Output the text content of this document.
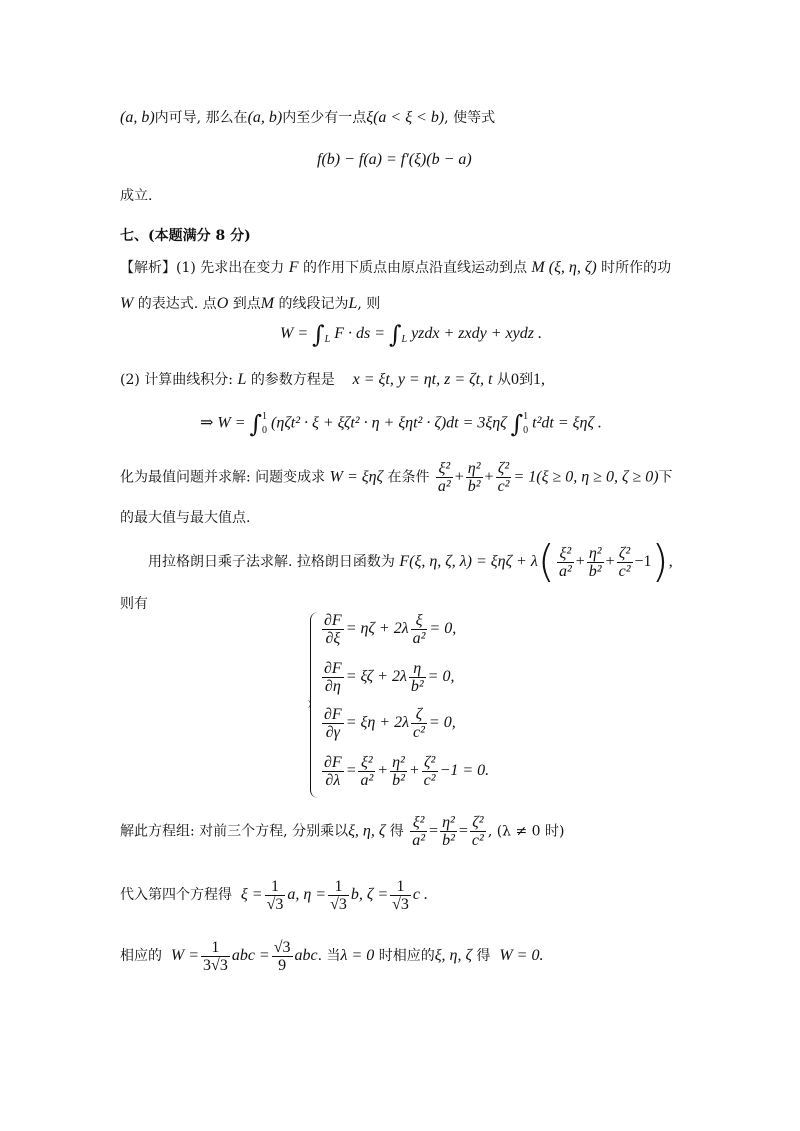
(a, b)内可导, 那么在(a, b)内至少有一点ξ(a < ξ < b), 使等式
f(b) − f(a) = f′(ξ)(b − a)
成立.
七、(本题满分 8 分)
【解析】(1) 先求出在变力 F 的作用下质点由原点沿直线运动到点 M (ξ, η, ζ) 时所作的功
W 的表达式. 点O 到点M 的线段记为L, 则
$W = \int_L$ F · ds = $\int_L$ yzdx + zxdy + xydz .
(2) 计算曲线积分: L 的参数方程是 x = ξt, y = ηt, z = ζt, t 从0到1,
⇒ W = ∫ 1
0 (ηζt² · ξ + ξζt² · η + ξηt² · ζ)dt = 3ξηζ ∫ 1
0 t²dt = ξηζ .
化为最值问题并求解: 问题变成求 W = ξηζ 在条件 $\frac{\text{ξ²}}{\text{a²}} + \frac{\text{η²}}{\text{b²}} + \frac{\text{ζ²}}{\text{c²}} = 1(\xi \ge 0$, η ≥ 0, ζ ≥ 0)下
的最大值与最大值点.
用拉格朗日乘子法求解. 拉格朗日函数为 F(ξ, η, ζ, $\lambda) = \xi\eta\zeta + \lambda( \frac{\text{ξ²}}{\text{a²}} + \frac{\text{η²}}{\text{b²}} + \frac{\text{ζ²}}{\text{c²}} -1)$,
则有
$\frac{\partial F}{\partial\xi} = \eta\zeta + 2\lambda \frac{\xi}{\text{a²}} = 0$,
$\frac{\partial F}{\partial\eta} = \xi\zeta + 2\lambda \frac{\eta}{\text{b²}} = 0$,
$\frac{\partial F}{\partial\gamma} = \xi\eta + 2\lambda \frac{\zeta}{\text{c²}} = 0$,
$\frac{\partial F}{\partial\lambda} = \frac{\text{ξ²}}{\text{a²}} + \frac{\text{η²}}{\text{b²}} + \frac{\text{ζ²}}{\text{c²}} -1 = 0$.
解此方程组: 对前三个方程, 分别乘以ξ, η, ζ 得 $\frac{\text{ξ²}}{\text{a²}} = \frac{\text{η²}}{\text{b²}} = \frac{\text{ζ²}}{\text{c²}}$ , (λ ≠ 0 时)
代入第四个方程得 $\xi = \frac{1}{√3} a$, $\eta = \frac{1}{√3} b$, $\zeta = \frac{1}{√3}$ c .
相应的 $W = \frac{1}{3√3}$ abc = $\frac{√3}{9}$ abc. 当λ = 0 时相应的ξ, η, ζ 得 W = 0.
